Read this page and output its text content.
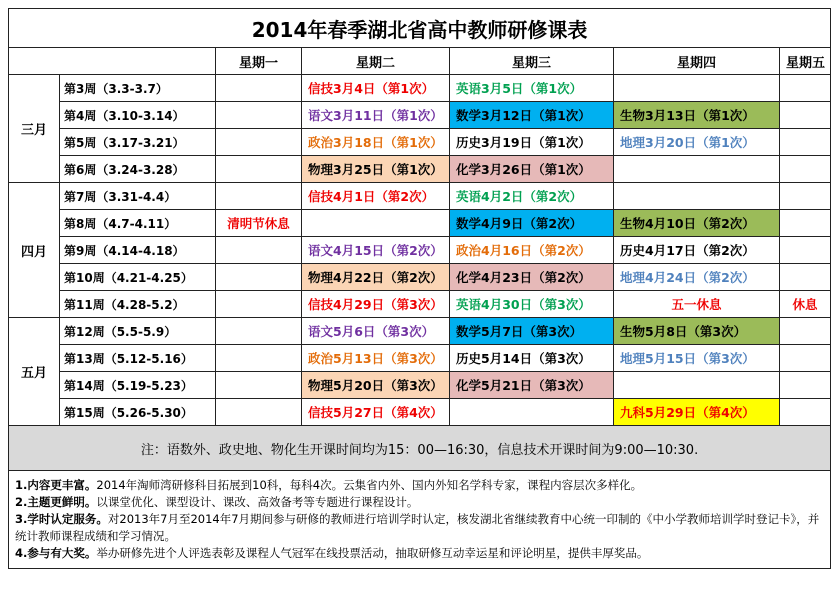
2014年春季湖北省高中教师研修课表						
		星期一	星期二	星期三	星期四	星期五
三月	第3周（3.3-3.7）		信技3月4日（第1次）	英语3月5日（第1次）		
	第4周（3.10-3.14）		语文3月11日（第1次）	数学3月12日（第1次）	生物3月13日（第1次）	
	第5周（3.17-3.21）		政治3月18日（第1次）	历史3月19日（第1次）	地理3月20日（第1次）	
	第6周（3.24-3.28）		物理3月25日（第1次）	化学3月26日（第1次）		
四月	第7周（3.31-4.4）		信技4月1日（第2次）	英语4月2日（第2次）		
	第8周（4.7-4.11）	清明节休息		数学4月9日（第2次）	生物4月10日（第2次）	
	第9周（4.14-4.18）		语文4月15日（第2次）	政治4月16日（第2次）	历史4月17日（第2次）	
	第10周（4.21-4.25）		物理4月22日（第2次）	化学4月23日（第2次）	地理4月24日（第2次）	
	第11周（4.28-5.2）		信技4月29日（第3次）	英语4月30日（第3次）	五一休息	休息
五月	第12周（5.5-5.9）		语文5月6日（第3次）	数学5月7日（第3次）	生物5月8日（第3次）	
	第13周（5.12-5.16）		政治5月13日（第3次）	历史5月14日（第3次）	地理5月15日（第3次）	
	第14周（5.19-5.23）		物理5月20日（第3次）	化学5月21日（第3次）		
	第15周（5.26-5.30）		信技5月27日（第4次）		九科5月29日（第4次）	
注：语数外、政史地、物化生开课时间均为15：00—16:30，信息技术开课时间为9:00—10:30.						

1.内容更丰富。2014年淘师湾研修科目拓展到10科，每科4次。云集省内外、国内外知名学科专家，课程内容层次多样化。

2.主题更鲜明。以课堂优化、课型设计、课改、高效备考等专题进行课程设计。

3.学时认定服务。对2013年7月至2014年7月期间参与研修的教师进行培训学时认定，核发湖北省继续教育中心统一印制的《中小学教师培训学时登记卡》，并统计教师课程成绩和学习情况。

4.参与有大奖。举办研修先进个人评选表彰及课程人气冠军在线投票活动，抽取研修互动幸运星和评论明星，提供丰厚奖品。						
